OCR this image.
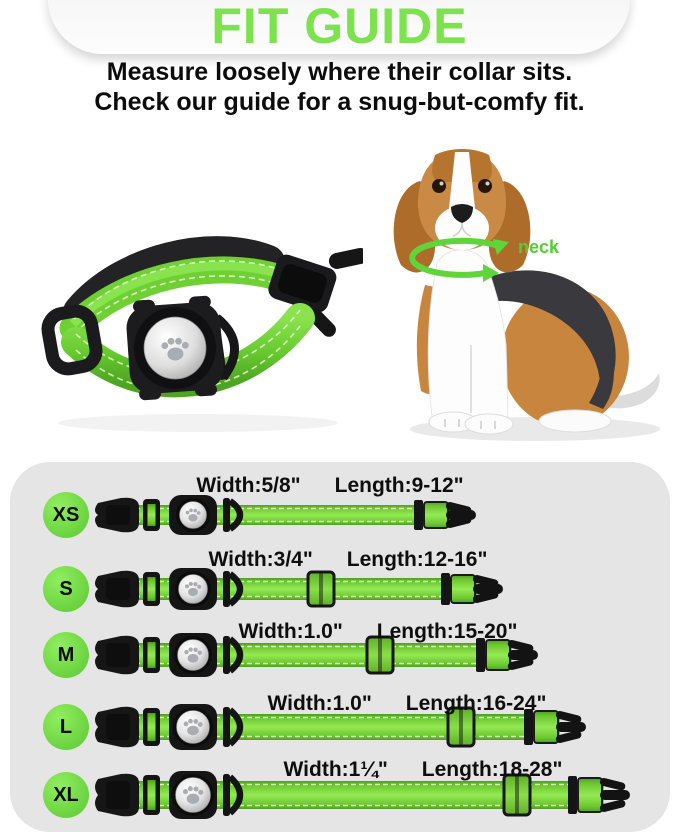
FIT GUIDE
Measure loosely where their collar sits.
Check our guide for a snug-but-comfy fit.
neck
XS
Width:5/8" Length:9-12"
S
Width:3/4" Length:12-16"
M
Width:1.0" Length:15-20"
L
Width:1.0" Length:16-24"
XL
Width:1¼" Length:18-28"
